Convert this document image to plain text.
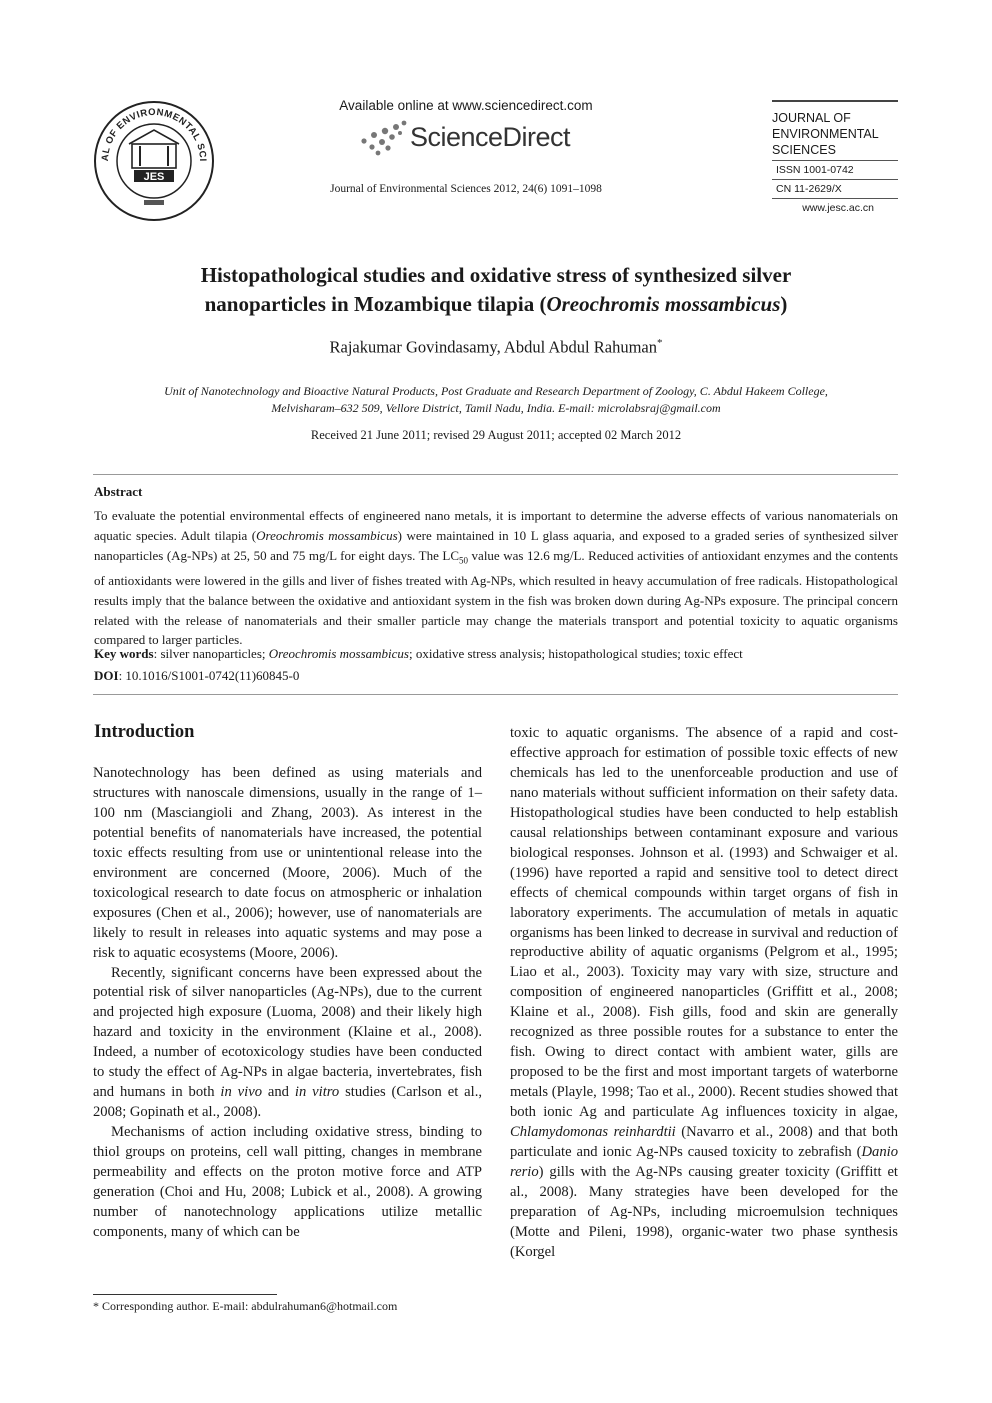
AL OF ENVIRONMENTAL SCI
JES
Available online at www.sciencedirect.com
ScienceDirect
Journal of Environmental Sciences 2012, 24(6) 1091–1098
JOURNAL OF
ENVIRONMENTAL
SCIENCES
ISSN 1001-0742
CN 11-2629/X
www.jesc.ac.cn
Histopathological studies and oxidative stress of synthesized silver
nanoparticles in Mozambique tilapia (Oreochromis mossambicus)
Rajakumar Govindasamy, Abdul Abdul Rahuman*
Unit of Nanotechnology and Bioactive Natural Products, Post Graduate and Research Department of Zoology, C. Abdul Hakeem College,
Melvisharam–632 509, Vellore District, Tamil Nadu, India. E-mail: microlabsraj@gmail.com
Received 21 June 2011; revised 29 August 2011; accepted 02 March 2012
Abstract
To evaluate the potential environmental effects of engineered nano metals, it is important to determine the adverse effects of various nanomaterials on aquatic species. Adult tilapia (Oreochromis mossambicus) were maintained in 10 L glass aquaria, and exposed to a graded series of synthesized silver nanoparticles (Ag-NPs) at 25, 50 and 75 mg/L for eight days. The $LC_{50}$ value was 12.6 mg/L. Reduced activities of antioxidant enzymes and the contents of antioxidants were lowered in the gills and liver of fishes treated with Ag-NPs, which resulted in heavy accumulation of free radicals. Histopathological results imply that the balance between the oxidative and antioxidant system in the fish was broken down during Ag-NPs exposure. The principal concern related with the release of nanomaterials and their smaller particle may change the materials transport and potential toxicity to aquatic organisms compared to larger particles.
Key words: silver nanoparticles; Oreochromis mossambicus; oxidative stress analysis; histopathological studies; toxic effect
DOI: 10.1016/S1001-0742(11)60845-0
Introduction

Nanotechnology has been defined as using materials and structures with nanoscale dimensions, usually in the range of 1–100 nm (Masciangioli and Zhang, 2003). As interest in the potential benefits of nanomaterials have increased, the potential toxic effects resulting from use or unintentional release into the environment are concerned (Moore, 2006). Much of the toxicological research to date focus on atmospheric or inhalation exposures (Chen et al., 2006); however, use of nanomaterials are likely to result in releases into aquatic systems and may pose a risk to aquatic ecosystems (Moore, 2006).

Recently, significant concerns have been expressed about the potential risk of silver nanoparticles (Ag-NPs), due to the current and projected high exposure (Luoma, 2008) and their likely high hazard and toxicity in the environment (Klaine et al., 2008). Indeed, a number of ecotoxicology studies have been conducted to study the effect of Ag-NPs in algae bacteria, invertebrates, fish and humans in both in vivo and in vitro studies (Carlson et al., 2008; Gopinath et al., 2008).

Mechanisms of action including oxidative stress, binding to thiol groups on proteins, cell wall pitting, changes in membrane permeability and effects on the proton motive force and ATP generation (Choi and Hu, 2008; Lubick et al., 2008). A growing number of nanotechnology applications utilize metallic components, many of which can be

toxic to aquatic organisms. The absence of a rapid and cost-effective approach for estimation of possible toxic effects of new chemicals has led to the unenforceable production and use of nano materials without sufficient information on their safety data. Histopathological studies have been conducted to help establish causal relationships between contaminant exposure and various biological responses. Johnson et al. (1993) and Schwaiger et al. (1996) have reported a rapid and sensitive tool to detect direct effects of chemical compounds within target organs of fish in laboratory experiments. The accumulation of metals in aquatic organisms has been linked to decrease in survival and reduction of reproductive ability of aquatic organisms (Pelgrom et al., 1995; Liao et al., 2003). Toxicity may vary with size, structure and composition of engineered nanoparticles (Griffitt et al., 2008; Klaine et al., 2008). Fish gills, food and skin are generally recognized as three possible routes for a substance to enter the fish. Owing to direct contact with ambient water, gills are proposed to be the first and most important targets of waterborne metals (Playle, 1998; Tao et al., 2000). Recent studies showed that both ionic Ag and particulate Ag influences toxicity in algae, Chlamydomonas reinhardtii (Navarro et al., 2008) and that both particulate and ionic Ag-NPs caused toxicity to zebrafish (Danio rerio) gills with the Ag-NPs causing greater toxicity (Griffitt et al., 2008). Many strategies have been developed for the preparation of Ag-NPs, including microemulsion techniques (Motte and Pileni, 1998), organic-water two phase synthesis (Korgel

* Corresponding author. E-mail: abdulrahuman6@hotmail.com
